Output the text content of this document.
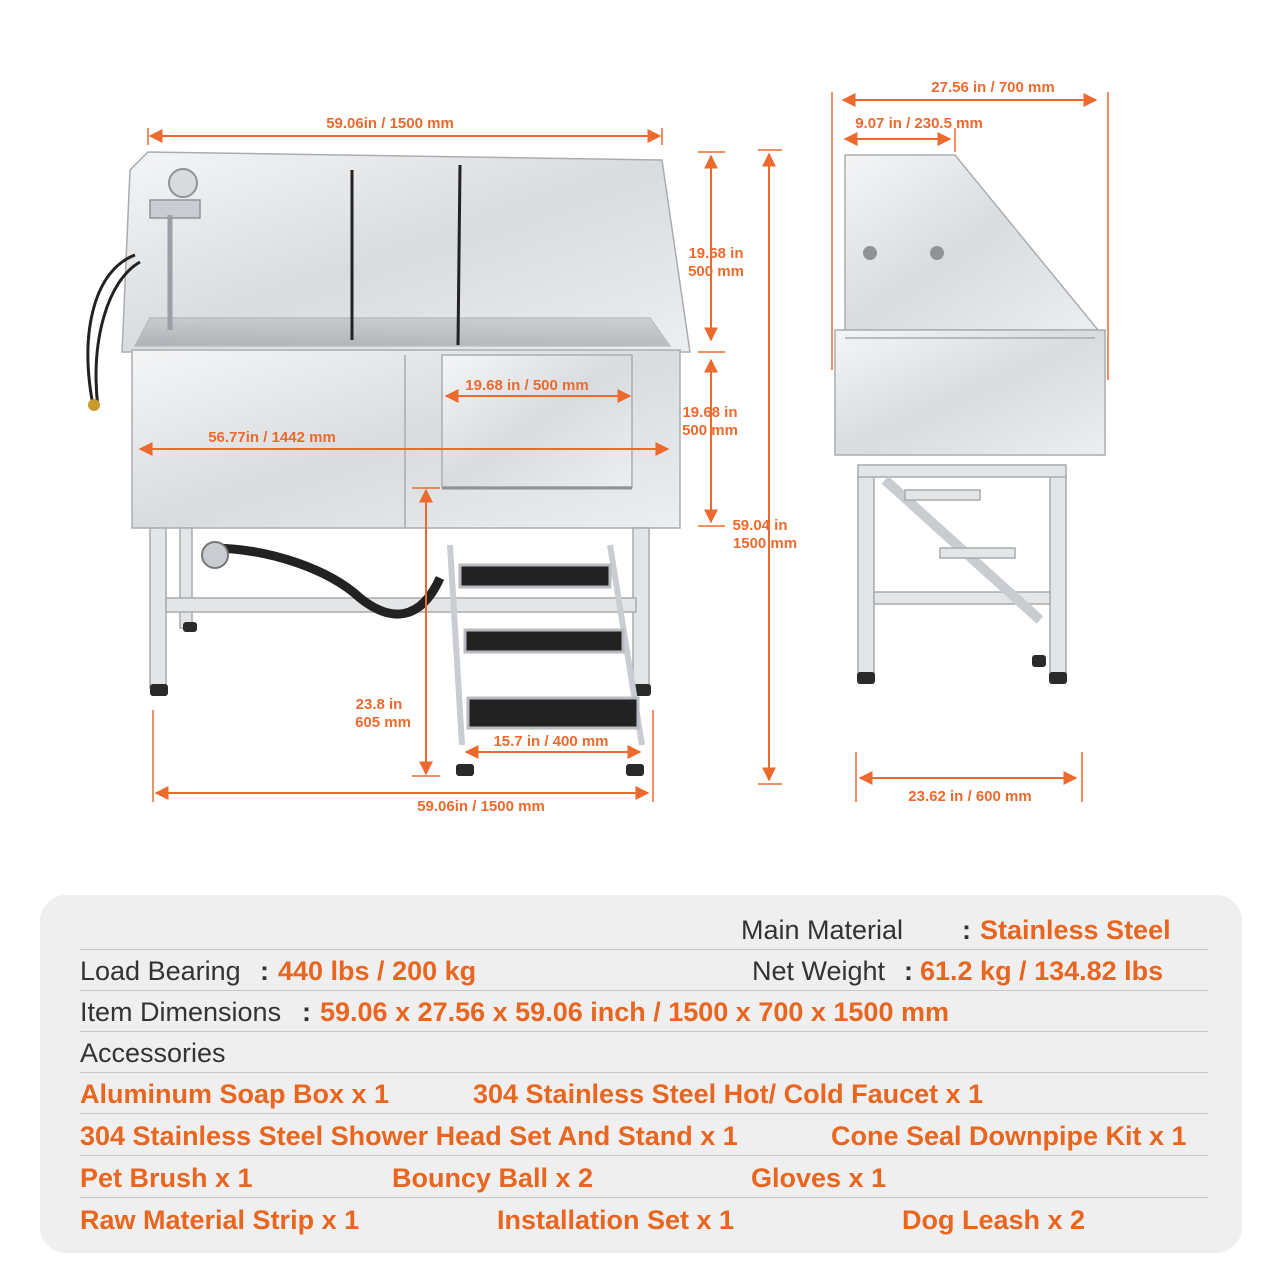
59.06in / 1500 mm
19.68 in / 500 mm
56.77in / 1442 mm
19.68 in
500 mm
19.68 in
500 mm
59.04 in
1500 mm
23.8 in
605 mm
15.7 in / 400 mm
59.06in / 1500 mm
27.56 in / 700 mm
9.07 in / 230.5 mm
23.62 in / 600 mm
Main Material : Stainless Steel
Load Bearing : 440 lbs / 200 kg	Net Weight : 61.2 kg / 134.82 lbs
Item Dimensions : 59.06 x 27.56 x 59.06 inch / 1500 x 700 x 1500 mm
Accessories
Aluminum Soap Box x 1	304 Stainless Steel Hot/ Cold Faucet x 1
304 Stainless Steel Shower Head Set And Stand x 1	Cone Seal Downpipe Kit x 1
Pet Brush x 1	Bouncy Ball x 2	Gloves x 1
Raw Material Strip x 1	Installation Set x 1	Dog Leash x 2
